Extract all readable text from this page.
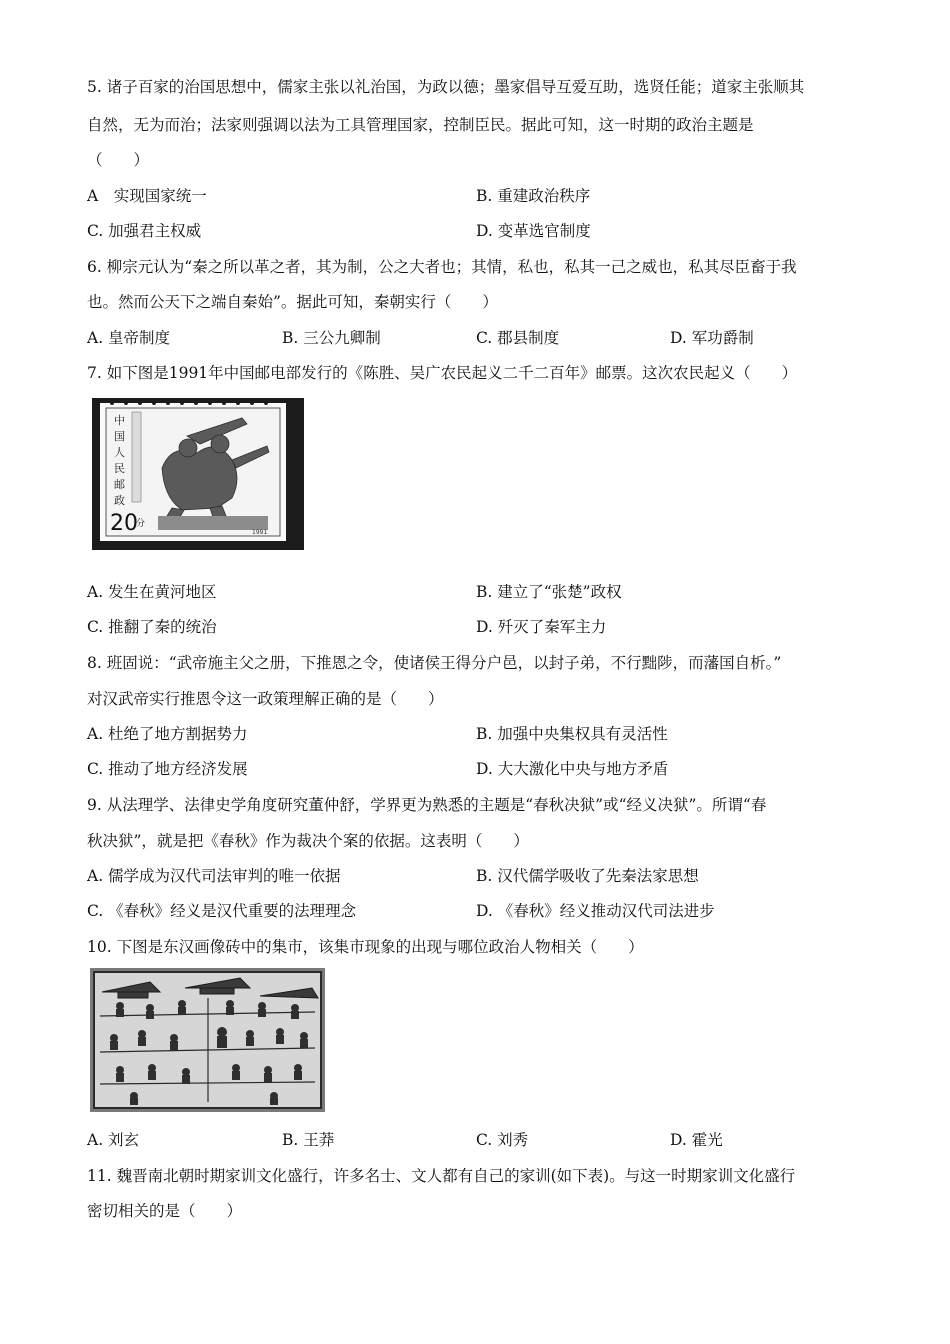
5. 诸子百家的治国思想中，儒家主张以礼治国，为政以德；墨家倡导互爱互助，选贤任能；道家主张顺其
自然，无为而治；法家则强调以法为工具管理国家，控制臣民。据此可知，这一时期的政治主题是
（　　）
A　实现国家统一	B. 重建政治秩序
C. 加强君主权威	D. 变革选官制度
6. 柳宗元认为“秦之所以革之者，其为制，公之大者也；其情，私也，私其一己之威也，私其尽臣畜于我
也。然而公天下之端自秦始”。据此可知，秦朝实行（　　）
A. 皇帝制度	B. 三公九卿制	C. 郡县制度	D. 军功爵制
7. 如下图是1991年中国邮电部发行的《陈胜、吴广农民起义二千二百年》邮票。这次农民起义（　　）
中
国
人
民
邮
政
20
分
1991
A. 发生在黄河地区	B. 建立了“张楚”政权
C. 推翻了秦的统治	D. 歼灭了秦军主力
8. 班固说：“武帝施主父之册，下推恩之令，使诸侯王得分户邑，以封子弟，不行黜陟，而藩国自析。”
对汉武帝实行推恩令这一政策理解正确的是（　　）
A. 杜绝了地方割据势力	B. 加强中央集权具有灵活性
C. 推动了地方经济发展	D. 大大激化中央与地方矛盾
9. 从法理学、法律史学角度研究董仲舒，学界更为熟悉的主题是“春秋决狱”或“经义决狱”。所谓“春
秋决狱”，就是把《春秋》作为裁决个案的依据。这表明（　　）
A. 儒学成为汉代司法审判的唯一依据	B. 汉代儒学吸收了先秦法家思想
C. 《春秋》经义是汉代重要的法理理念	D. 《春秋》经义推动汉代司法进步
10. 下图是东汉画像砖中的集市，该集市现象的出现与哪位政治人物相关（　　）
A. 刘玄	B. 王莽	C. 刘秀	D. 霍光
11. 魏晋南北朝时期家训文化盛行，许多名士、文人都有自己的家训(如下表)。与这一时期家训文化盛行
密切相关的是（　　）
